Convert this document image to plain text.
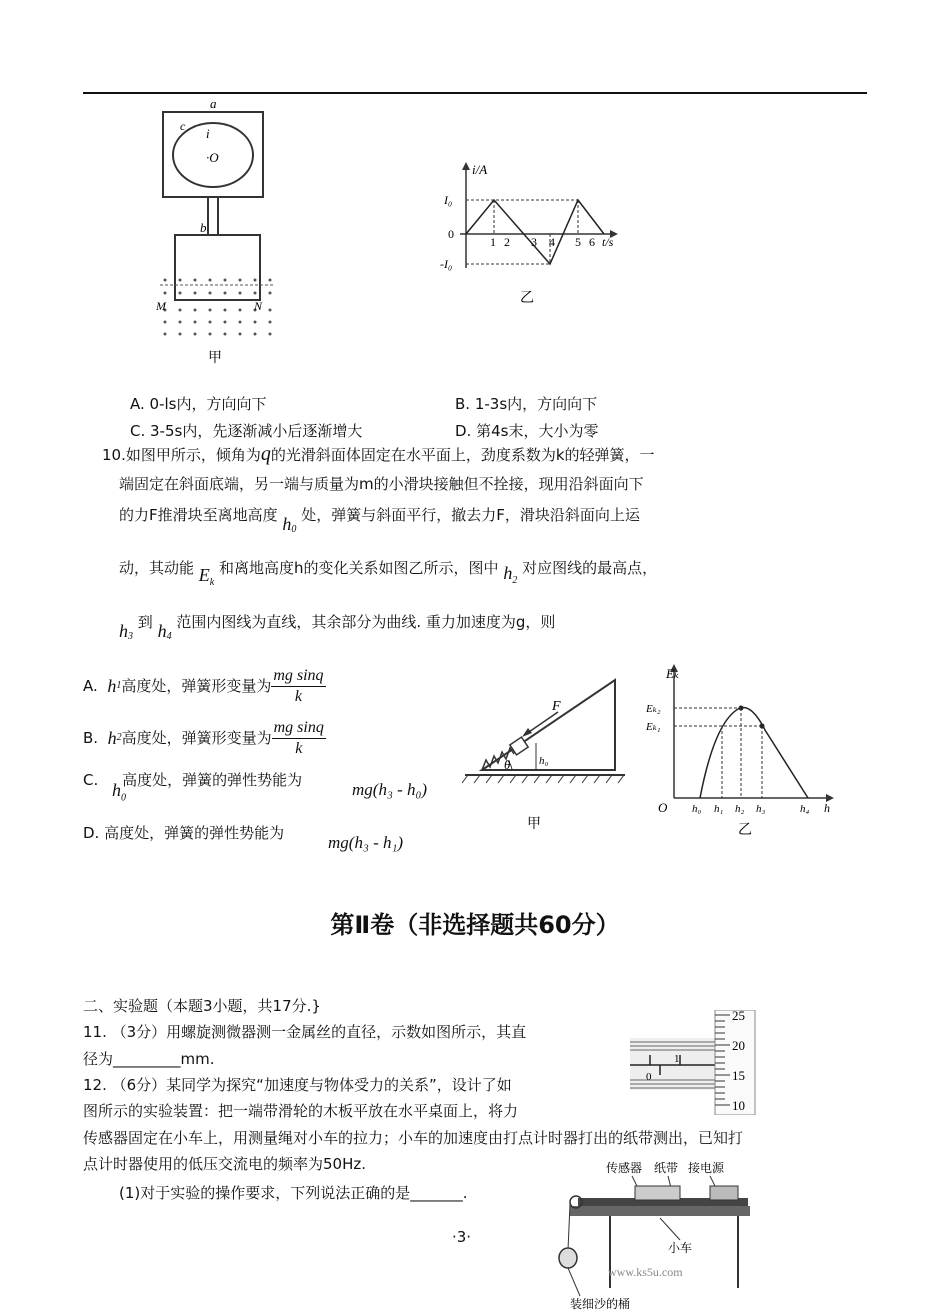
a
b
c i
·O
M	N
甲
i/A
I₀
0
-I₀
1 2 3 4 5 6 t/s
乙
A. 0-ls内，方向向下	B. 1-3s内，方向向下
C. 3-5s内，先逐渐减小后逐渐增大	D. 第4s末，大小为零
10.如图甲所示，倾角为q的光滑斜面体固定在水平面上，劲度系数为k的轻弹簧，一
端固定在斜面底端，另一端与质量为m的小滑块接触但不拴接，现用沿斜面向下
的力F推滑块至离地高度 $h_0$ 处，弹簧与斜面平行，撤去力F，滑块沿斜面向上运
动，其动能 $E_k$ 和离地高度h的变化关系如图乙所示，图中 $h_2$ 对应图线的最高点，
$h_3$ 到 $h_4$ 范围内图线为直线，其余部分为曲线. 重力加速度为g，则
A.
h 1 高度处，弹簧形变量为 $\frac{\text{mg sinq}}{k}$
B.
h 2 高度处，弹簧形变量为 $\frac{\text{mg sinq}}{k}$
C. 高度处，弹簧的弹性势能为
$h_0$	mg(h₃ - h₀)
D. 高度处，弹簧的弹性势能为	mg(h₃ - h₁)
F
θ	h₀
甲
Eₖ
Eₖ₂
Eₖ₁
O h₀ h₁ h₂ h₃	h₄ h
乙
第Ⅱ卷（非选择题共60分）
二、实验题（本题3小题，共17分.}
11. （3分）用螺旋测微器测一金属丝的直径，示数如图所示，其直
径为_________mm.	1
0
25
20
15
10
12. （6分）某同学为探究“加速度与物体受力的关系”，设计了如
图所示的实验装置：把一端带滑轮的木板平放在水平桌面上，将力
传感器固定在小车上，用测量绳对小车的拉力；小车的加速度由打点计时器打出的纸带测出，已知打
点计时器使用的低压交流电的频率为50Hz.
(1)对于实验的操作要求，下列说法正确的是_______.
传感器 纸带 接电源
小车
装细沙的桶
www.ks5u.com
·3·
